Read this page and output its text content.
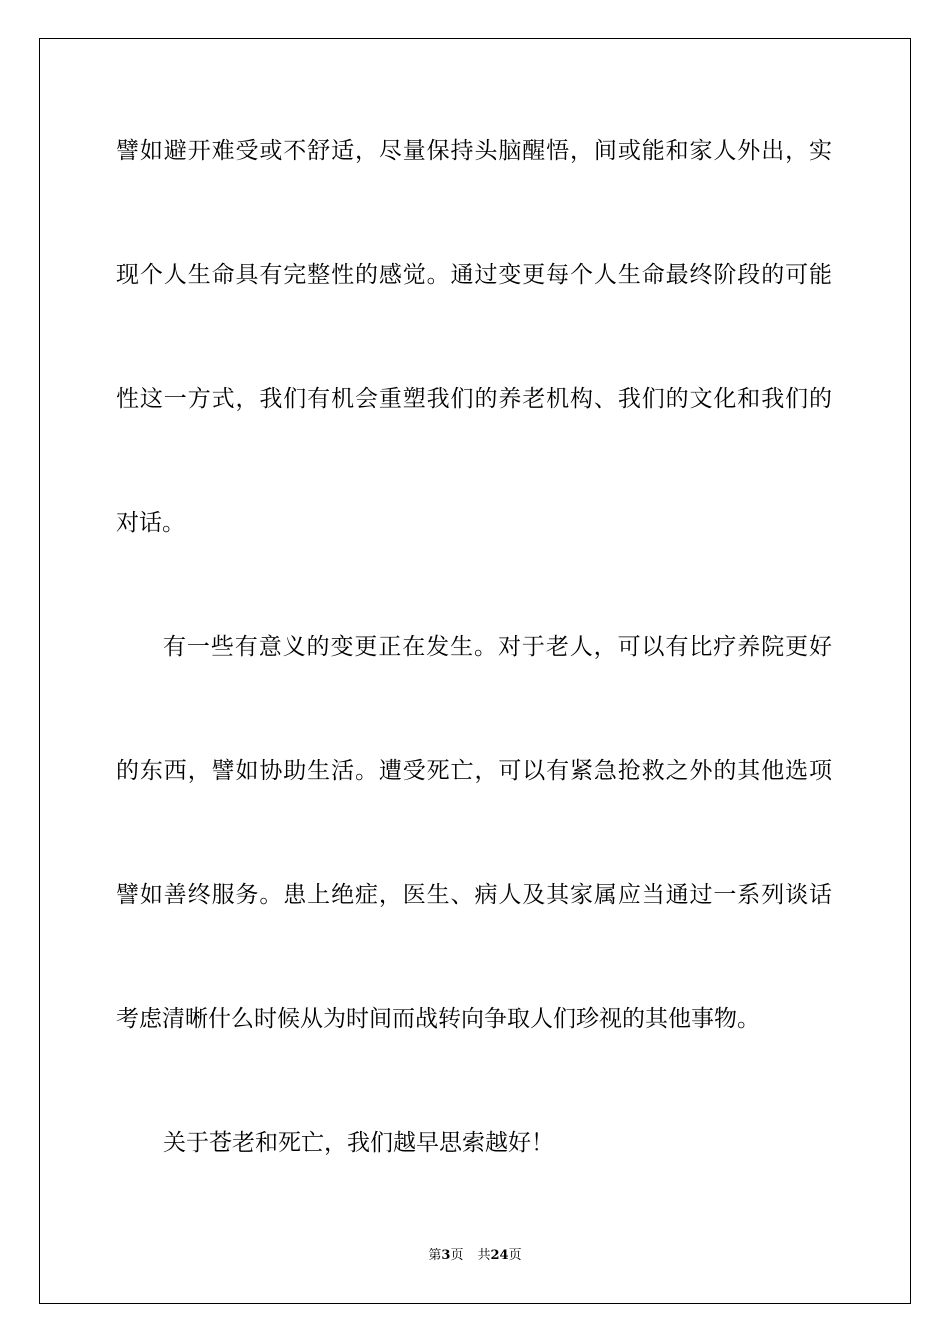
譬如避开难受或不舒适，尽量保持头脑醒悟，间或能和家人外出，实
现个人生命具有完整性的感觉。通过变更每个人生命最终阶段的可能
性这一方式，我们有机会重塑我们的养老机构、我们的文化和我们的
对话。
有一些有意义的变更正在发生。对于老人，可以有比疗养院更好
的东西，譬如协助生活。遭受死亡，可以有紧急抢救之外的其他选项
譬如善终服务。患上绝症，医生、病人及其家属应当通过一系列谈话
考虑清晰什么时候从为时间而战转向争取人们珍视的其他事物。
关于苍老和死亡，我们越早思索越好！
第3页 共24页
